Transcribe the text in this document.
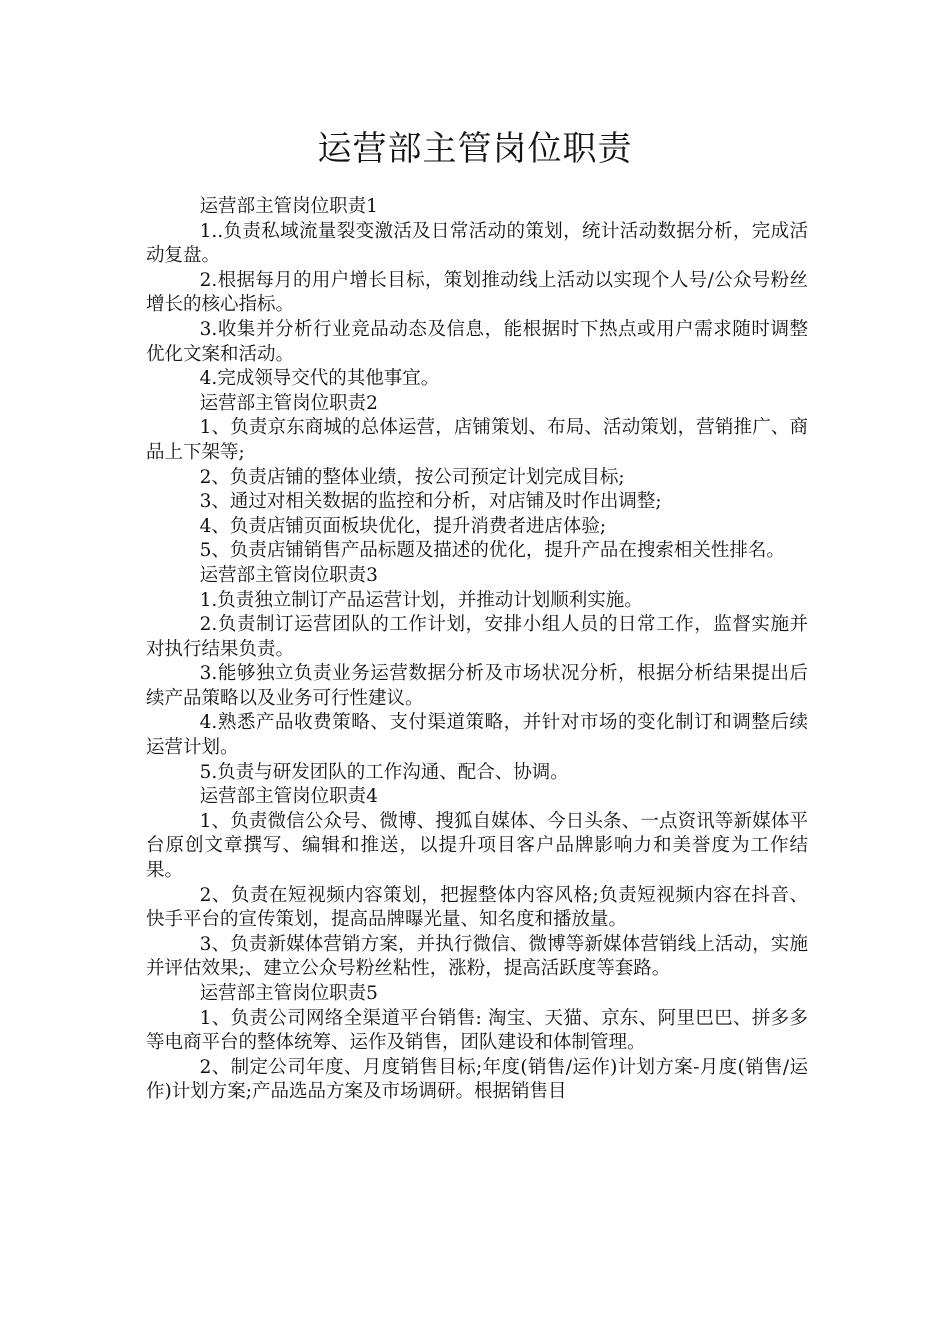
运营部主管岗位职责

运营部主管岗位职责1

1..负责私域流量裂变激活及日常活动的策划，统计活动数据分析，完成活动复盘。

2.根据每月的用户增长目标，策划推动线上活动以实现个人号/公众号粉丝增长的核心指标。

3.收集并分析行业竞品动态及信息，能根据时下热点或用户需求随时调整优化文案和活动。

4.完成领导交代的其他事宜。

运营部主管岗位职责2

1、负责京东商城的总体运营，店铺策划、布局、活动策划，营销推广、商品上下架等;

2、负责店铺的整体业绩，按公司预定计划完成目标;

3、通过对相关数据的监控和分析，对店铺及时作出调整;

4、负责店铺页面板块优化，提升消费者进店体验;

5、负责店铺销售产品标题及描述的优化，提升产品在搜索相关性排名。

运营部主管岗位职责3

1.负责独立制订产品运营计划，并推动计划顺利实施。

2.负责制订运营团队的工作计划，安排小组人员的日常工作，监督实施并对执行结果负责。

3.能够独立负责业务运营数据分析及市场状况分析，根据分析结果提出后续产品策略以及业务可行性建议。

4.熟悉产品收费策略、支付渠道策略，并针对市场的变化制订和调整后续运营计划。

5.负责与研发团队的工作沟通、配合、协调。

运营部主管岗位职责4

1、负责微信公众号、微博、搜狐自媒体、今日头条、一点资讯等新媒体平台原创文章撰写、编辑和推送，以提升项目客户品牌影响力和美誉度为工作结果。

2、负责在短视频内容策划，把握整体内容风格;负责短视频内容在抖音、快手平台的宣传策划，提高品牌曝光量、知名度和播放量。

3、负责新媒体营销方案，并执行微信、微博等新媒体营销线上活动，实施并评估效果;、建立公众号粉丝粘性，涨粉，提高活跃度等套路。

运营部主管岗位职责5

1、负责公司网络全渠道平台销售: 淘宝、天猫、京东、阿里巴巴、拼多多等电商平台的整体统筹、运作及销售，团队建设和体制管理。

2、制定公司年度、月度销售目标;年度(销售/运作)计划方案-月度(销售/运作)计划方案;产品选品方案及市场调研。根据销售目
